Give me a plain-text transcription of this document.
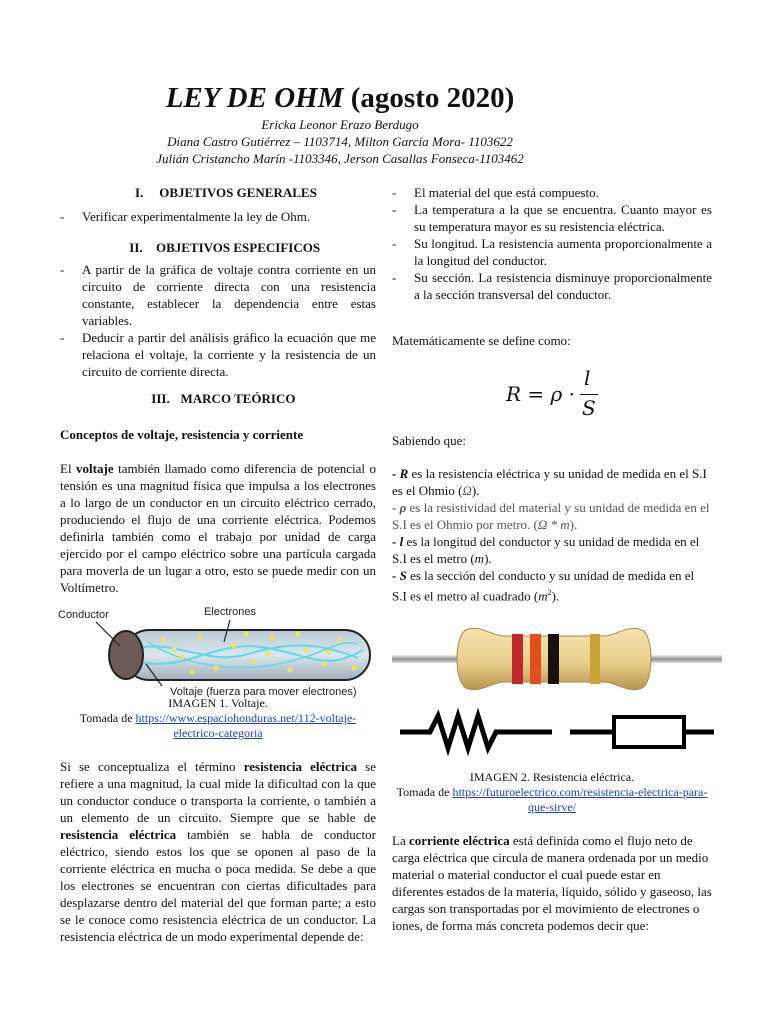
LEY DE OHM (agosto 2020)
Ericka Leonor Erazo Berdugo
Diana Castro Gutiérrez – 1103714, Milton García Mora- 1103622
Julián Cristancho Marín -1103346, Jerson Casallas Fonseca-1103462
I. OBJETIVOS GENERALES
- Verificar experimentalmente la ley de Ohm.
II. OBJETIVOS ESPECIFICOS
- A partir de la gráfica de voltaje contra corriente en un circuito de corriente directa con una resistencia constante, establecer la dependencia entre estas variables.
- Deducir a partir del análisis gráfico la ecuación que me relaciona el voltaje, la corriente y la resistencia de un circuito de corriente directa.
III. MARCO TEÓRICO
Conceptos de voltaje, resistencia y corriente

El voltaje también llamado como diferencia de potencial o tensión es una magnitud física que impulsa a los electrones a lo largo de un conductor en un circuito eléctrico cerrado, produciendo el flujo de una corriente eléctrica. Podemos definirla también como el trabajo por unidad de carga ejercido por el campo eléctrico sobre una partícula cargada para moverla de un lugar a otro, esto se puede medir con un Voltímetro.

Conductor	Electrones
Voltaje (fuerza para mover electrones)
IMAGEN 1. Voltaje.
Tomada de https://www.espaciohonduras.net/112-voltaje-electrico-categoria

Si se conceptualiza el término resistencia eléctrica se refiere a una magnitud, la cual mide la dificultad con la que un conductor conduce o transporta la corriente, o también a un elemento de un circuito. Siempre que se hable de resistencia eléctrica también se habla de conductor eléctrico, siendo estos los que se oponen al paso de la corriente eléctrica en mucha o poca medida. Se debe a que los electrones se encuentran con ciertas dificultades para desplazarse dentro del material del que forman parte; a esto se le conoce como resistencia eléctrica de un conductor. La resistencia eléctrica de un modo experimental depende de:

- El material del que está compuesto.
- La temperatura a la que se encuentra. Cuanto mayor es su temperatura mayor es su resistencia eléctrica.
- Su longitud. La resistencia aumenta proporcionalmente a la longitud del conductor.
- Su sección. La resistencia disminuye proporcionalmente a la sección transversal del conductor.
Matemáticamente se define como:
R = ρ ·
l
S
Sabiendo que:

- R es la resistencia eléctrica y su unidad de medida en el S.I es el Ohmio (Ω).

- ρ es la resistividad del material y su unidad de medida en el S.I es el Ohmio por metro. (Ω * m).

- l es la longitud del conductor y su unidad de medida en el S.I es el metro (m).

- S es la sección del conducto y su unidad de medida en el S.I es el metro al cuadrado $(m^2)$.

IMAGEN 2. Resistencia eléctrica.
Tomada de https://futuroelectrico.com/resistencia-electrica-para-que-sirve/

La corriente eléctrica está definida como el flujo neto de carga eléctrica que circula de manera ordenada por un medio material o material conductor el cual puede estar en diferentes estados de la materia, líquido, sólido y gaseoso, las cargas son transportadas por el movimiento de electrones o iones, de forma más concreta podemos decir que:
